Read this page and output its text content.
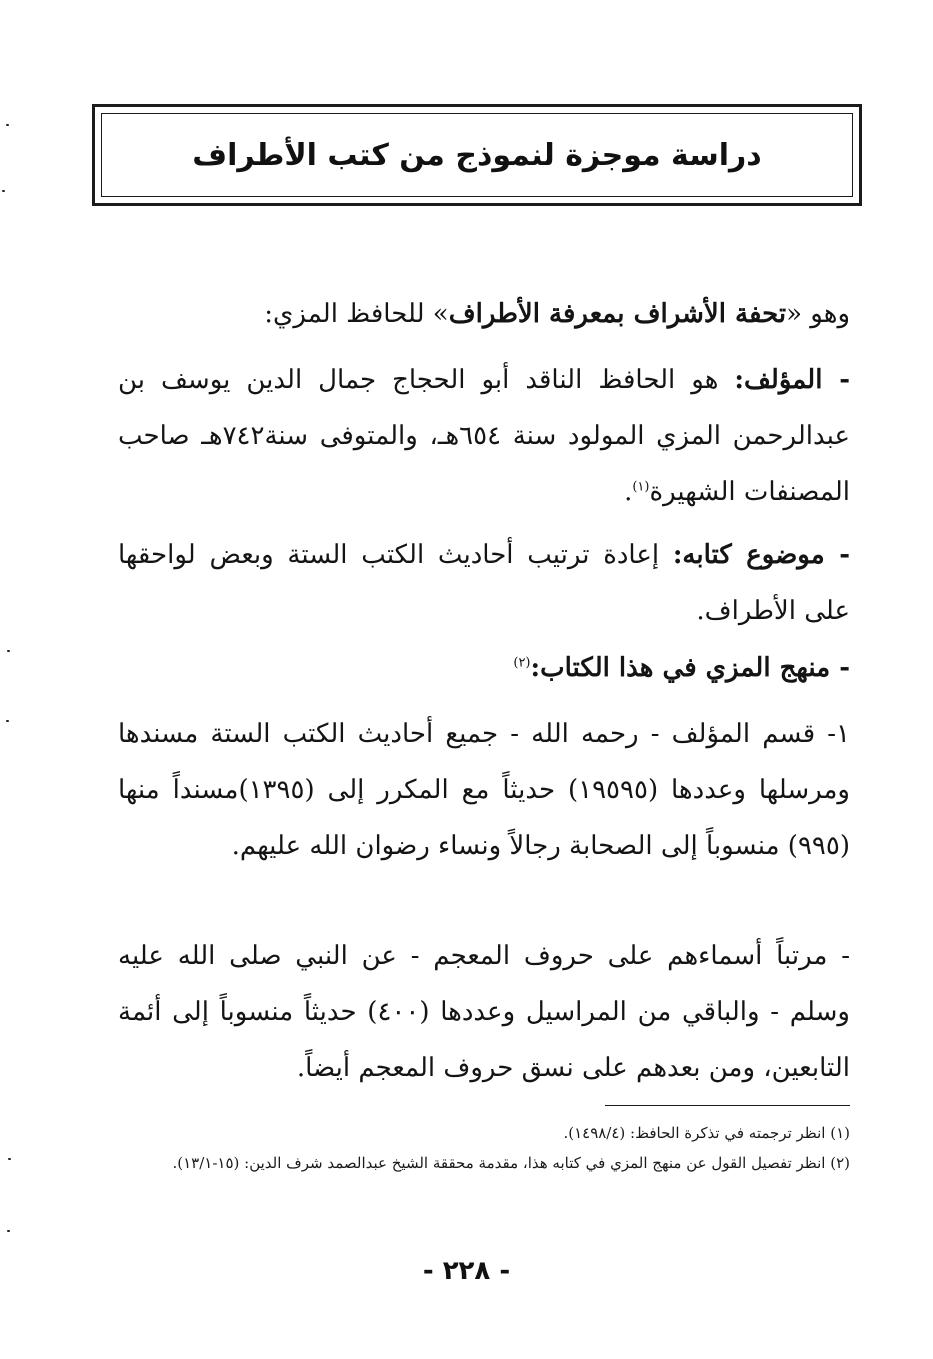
دراسة موجزة لنموذج من كتب الأطراف

وهو «تحفة الأشراف بمعرفة الأطراف» للحافظ المزي:

- المؤلف: هو الحافظ الناقد أبو الحجاج جمال الدين يوسف بن عبدالرحمن المزي المولود سنة ٦٥٤هـ، والمتوفى سنة٧٤٢هـ صاحب المصنفات الشهيرة$^{(١)}$.

- موضوع كتابه: إعادة ترتيب أحاديث الكتب الستة وبعض لواحقها على الأطراف.

- منهج المزي في هذا الكتاب:$^{(٢)}$

١- قسم المؤلف - رحمه الله - جميع أحاديث الكتب الستة مسندها ومرسلها وعددها (١٩٥٩٥) حديثاً مع المكرر إلى (١٣٩٥)مسنداً منها (٩٩٥) منسوباً إلى الصحابة رجالاً ونساء رضوان الله عليهم.

- مرتباً أسماءهم على حروف المعجم - عن النبي صلى الله عليه وسلم - والباقي من المراسيل وعددها (٤٠٠) حديثاً منسوباً إلى أئمة التابعين، ومن بعدهم على نسق حروف المعجم أيضاً.

(١) انظر ترجمته في تذكرة الحافظ: (١٤٩٨/٤).

(٢) انظر تفصيل القول عن منهج المزي في كتابه هذا، مقدمة محققة الشيخ عبدالصمد شرف الدين: (١٥-١٣/١).

- ٢٢٨ -
